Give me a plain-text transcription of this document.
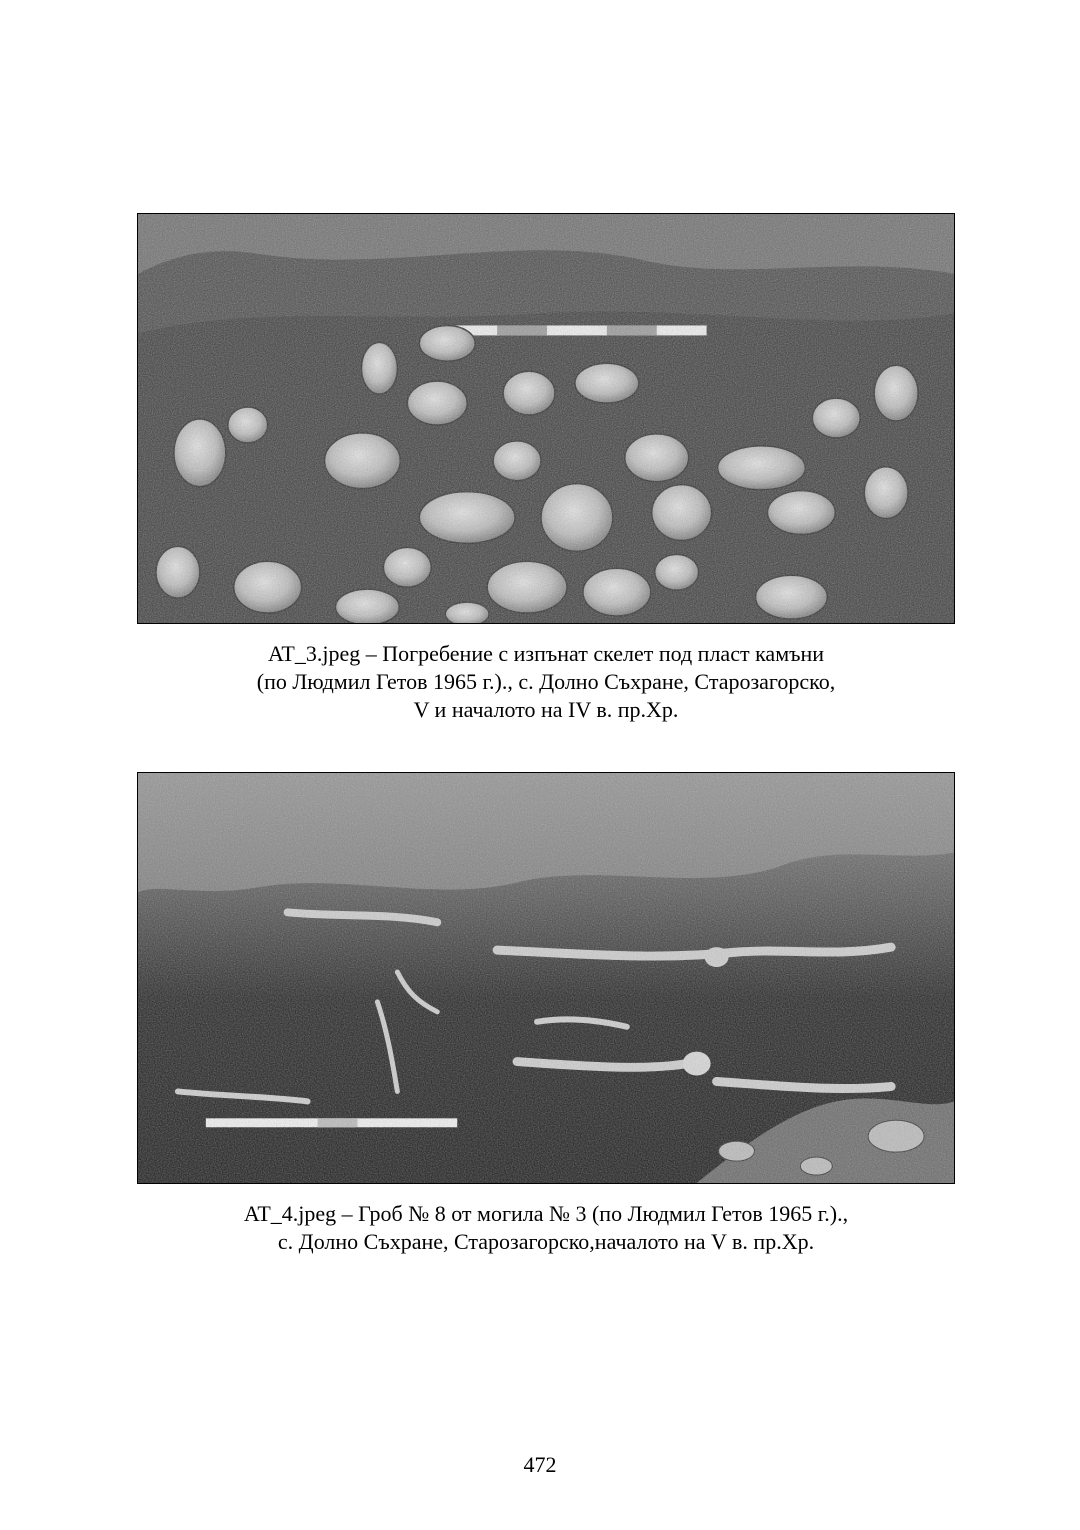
AT_3.jpeg – Погребение с изпънат скелет под пласт камъни
(по Людмил Гетов 1965 г.)., с. Долно Съхране, Старозагорско,
V и началото на IV в. пр.Хр.
AT_4.jpeg – Гроб № 8 от могила № 3 (по Людмил Гетов 1965 г.).,
с. Долно Съхране, Старозагорско,началото на V в. пр.Хр.
472
